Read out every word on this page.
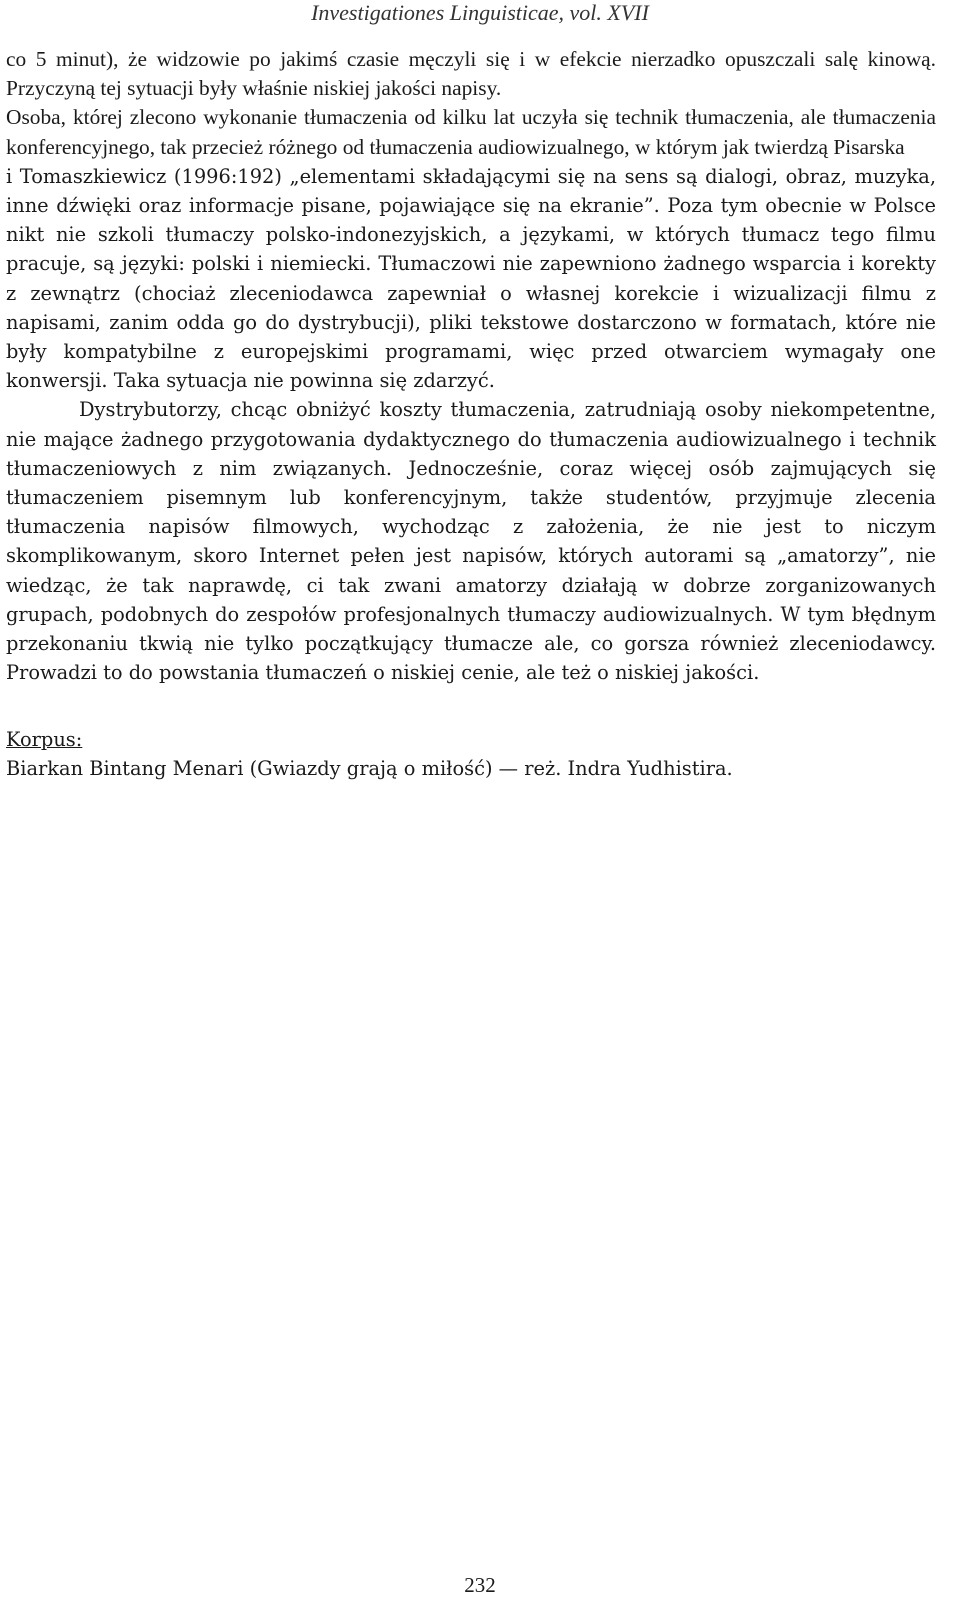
Investigationes Linguisticae, vol. XVII

co 5 minut), że widzowie po jakimś czasie męczyli się i w efekcie nierzadko opuszczali salę kinową. Przyczyną tej sytuacji były właśnie niskiej jakości napisy.

Osoba, której zlecono wykonanie tłumaczenia od kilku lat uczyła się technik tłumaczenia, ale tłumaczenia konferencyjnego, tak przecież różnego od tłumaczenia audiowizualnego, w którym jak twierdzą Pisarska

i Tomaszkiewicz (1996:192) „elementami składającymi się na sens są dialogi, obraz, muzyka, inne dźwięki oraz informacje pisane, pojawiające się na ekranie”. Poza tym obecnie w Polsce nikt nie szkoli tłumaczy polsko-indonezyjskich, a językami, w których tłumacz tego filmu pracuje, są języki: polski i niemiecki. Tłumaczowi nie zapewniono żadnego wsparcia i korekty z zewnątrz (chociaż zleceniodawca zapewniał o własnej korekcie i wizualizacji filmu z napisami, zanim odda go do dystrybucji), pliki tekstowe dostarczono w formatach, które nie były kompatybilne z europejskimi programami, więc przed otwarciem wymagały one konwersji. Taka sytuacja nie powinna się zdarzyć.

Dystrybutorzy, chcąc obniżyć koszty tłumaczenia, zatrudniają osoby niekompetentne, nie mające żadnego przygotowania dydaktycznego do tłumaczenia audiowizualnego i technik tłumaczeniowych z nim związanych. Jednocześnie, coraz więcej osób zajmujących się tłumaczeniem pisemnym lub konferencyjnym, także studentów, przyjmuje zlecenia tłumaczenia napisów filmowych, wychodząc z założenia, że nie jest to niczym skomplikowanym, skoro Internet pełen jest napisów, których autorami są „amatorzy”, nie wiedząc, że tak naprawdę, ci tak zwani amatorzy działają w dobrze zorganizowanych grupach, podobnych do zespołów profesjonalnych tłumaczy audiowizualnych. W tym błędnym przekonaniu tkwią nie tylko początkujący tłumacze ale, co gorsza również zleceniodawcy. Prowadzi to do powstania tłumaczeń o niskiej cenie, ale też o niskiej jakości.

Korpus:
Biarkan Bintang Menari (Gwiazdy grają o miłość) — reż. Indra Yudhistira.
232
